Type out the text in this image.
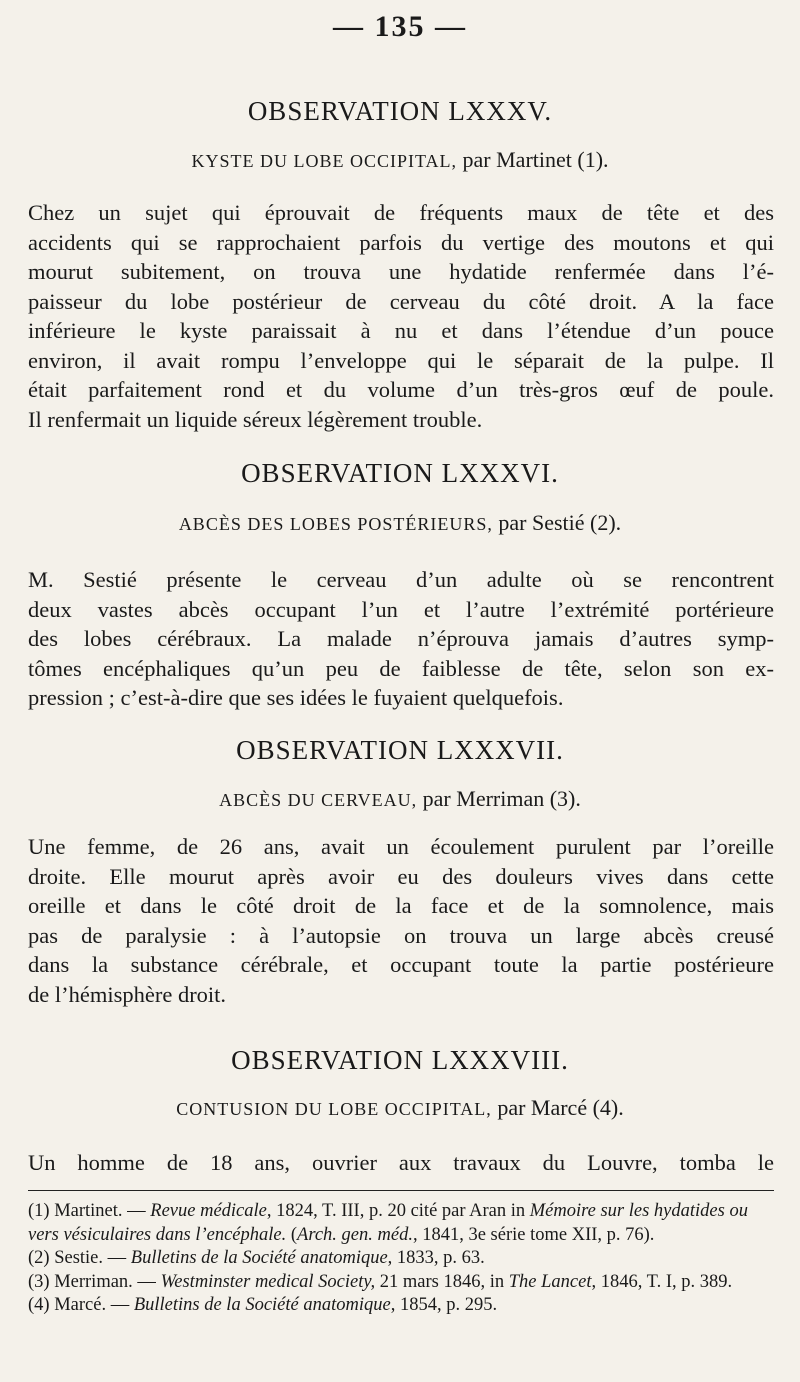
— 135 —
OBSERVATION LXXXV.
KYSTE DU LOBE OCCIPITAL, par Martinet (1).
Chez un sujet qui éprouvait de fréquents maux de tête et des
accidents qui se rapprochaient parfois du vertige des moutons et qui
mourut subitement, on trouva une hydatide renfermée dans l’é-
paisseur du lobe postérieur de cerveau du côté droit. A la face
inférieure le kyste paraissait à nu et dans l’étendue d’un pouce
environ, il avait rompu l’enveloppe qui le séparait de la pulpe. Il
était parfaitement rond et du volume d’un très-gros œuf de poule.
Il renfermait un liquide séreux légèrement trouble.
OBSERVATION LXXXVI.
ABCÈS DES LOBES POSTÉRIEURS, par Sestié (2).
M. Sestié présente le cerveau d’un adulte où se rencontrent
deux vastes abcès occupant l’un et l’autre l’extrémité portérieure
des lobes cérébraux. La malade n’éprouva jamais d’autres symp-
tômes encéphaliques qu’un peu de faiblesse de tête, selon son ex-
pression ; c’est-à-dire que ses idées le fuyaient quelquefois.
OBSERVATION LXXXVII.
ABCÈS DU CERVEAU, par Merriman (3).
Une femme, de 26 ans, avait un écoulement purulent par l’oreille
droite. Elle mourut après avoir eu des douleurs vives dans cette
oreille et dans le côté droit de la face et de la somnolence, mais
pas de paralysie : à l’autopsie on trouva un large abcès creusé
dans la substance cérébrale, et occupant toute la partie postérieure
de l’hémisphère droit.
OBSERVATION LXXXVIII.
CONTUSION DU LOBE OCCIPITAL, par Marcé (4).
Un homme de 18 ans, ouvrier aux travaux du Louvre, tomba le

(1) Martinet. — Revue médicale, 1824, T. III, p. 20 cité par Aran in Mémoire sur les hydatides ou vers vésiculaires dans l’encéphale. (Arch. gen. méd., 1841, 3e série tome XII, p. 76).

(2) Sestie. — Bulletins de la Société anatomique, 1833, p. 63.

(3) Merriman. — Westminster medical Society, 21 mars 1846, in The Lancet, 1846, T. I, p. 389.

(4) Marcé. — Bulletins de la Société anatomique, 1854, p. 295.
